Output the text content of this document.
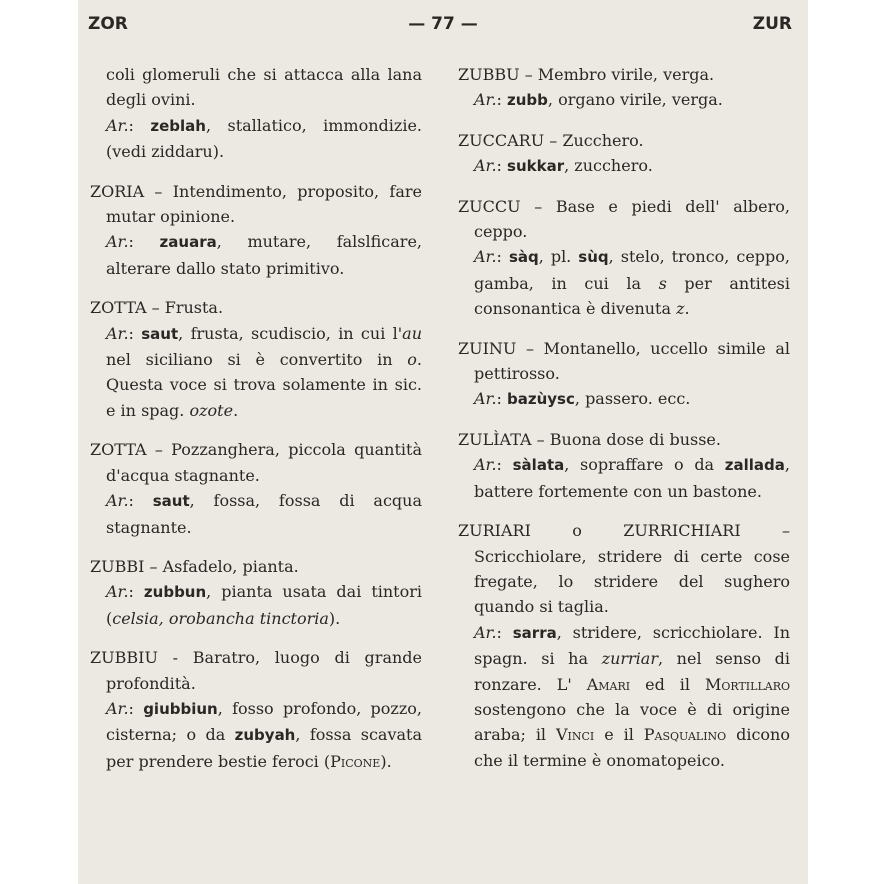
ZOR	— 77 —	ZUR

coli glomeruli che si attacca alla lana degli ovini.
Ar.: zeblah, stallatico, immondizie. (vedi ziddaru).

ZORIA – Intendimento, proposito, fare mutar opinione.
Ar.: zauara, mutare, falslficare, alterare dallo stato primitivo.

ZOTTA – Frusta.
Ar.: saut, frusta, scudiscio, in cui l'au nel siciliano si è convertito in o. Questa voce si trova solamente in sic. e in spag. ozote.

ZOTTA – Pozzanghera, piccola quantità d'acqua stagnante.
Ar.: saut, fossa, fossa di acqua stagnante.

ZUBBI – Asfadelo, pianta.
Ar.: zubbun, pianta usata dai tintori (celsia, orobancha tinctoria).

ZUBBIU - Baratro, luogo di grande profondità.
Ar.: giubbiun, fosso profondo, pozzo, cisterna; o da zubyah, fossa scavata per prendere bestie feroci (Picone).

ZUBBU – Membro virile, verga.
Ar.: zubb, organo virile, verga.

ZUCCARU – Zucchero.
Ar.: sukkar, zucchero.

ZUCCU – Base e piedi dell' albero, ceppo.
Ar.: sàq, pl. sùq, stelo, tronco, ceppo, gamba, in cui la s per antitesi consonantica è divenuta z.

ZUINU – Montanello, uccello simile al pettirosso.
Ar.: bazùysc, passero. ecc.

ZULÌATA – Buona dose di busse.
Ar.: sàlata, sopraffare o da zallada, battere fortemente con un bastone.

ZURIARI o ZURRICHIARI – Scricchiolare, stridere di certe cose fregate, lo stridere del sughero quando si taglia.
Ar.: sarra, stridere, scricchiolare. In spagn. si ha zurriar, nel senso di ronzare. L' Amari ed il Mortillaro sostengono che la voce è di origine araba; il Vinci e il Pasqualino dicono che il termine è onomatopeico.
